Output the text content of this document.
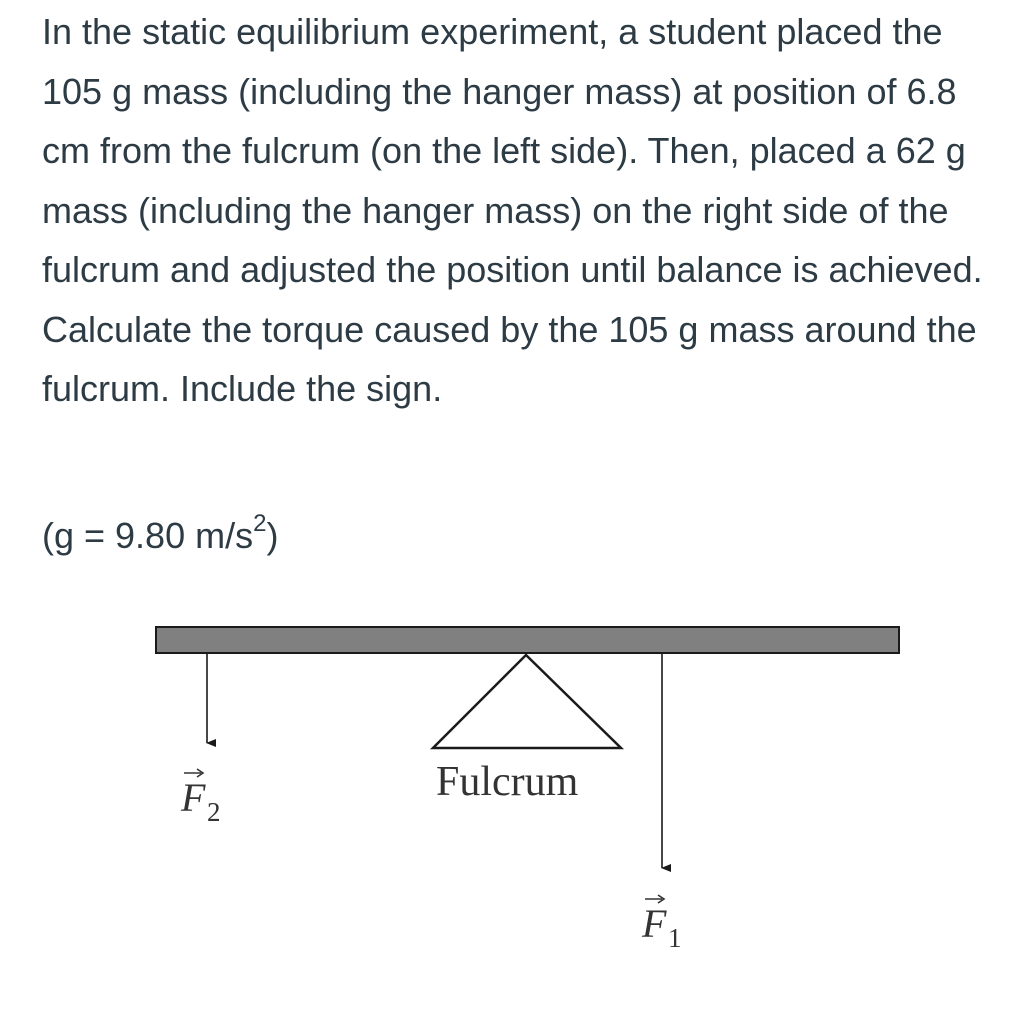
In the static equilibrium experiment, a student placed the 105 g mass (including the hanger mass) at position of 6.8 cm from the fulcrum (on the left side). Then, placed a 62 g mass (including the hanger mass) on the right side of the fulcrum and adjusted the position until balance is achieved. Calculate the torque caused by the 105 g mass around the fulcrum. Include the sign.

(g = 9.80 $m/s^2$)

Fulcrum
F 2
F 1
